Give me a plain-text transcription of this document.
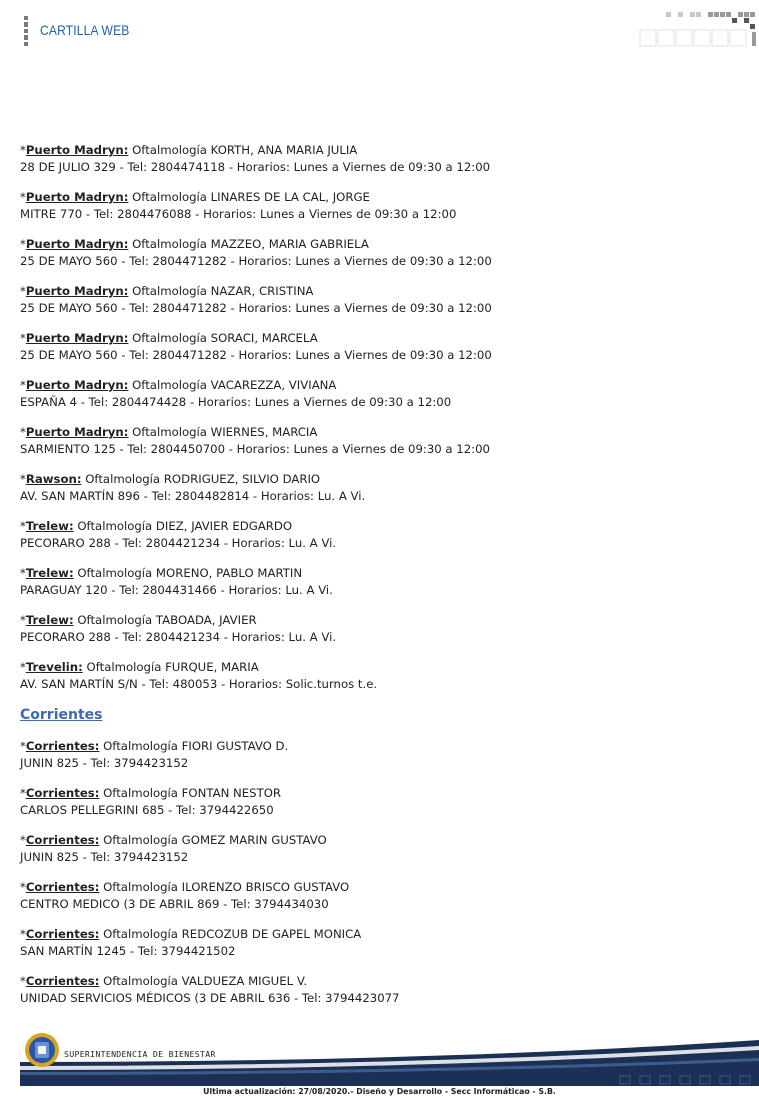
CARTILLA WEB
*Puerto Madryn: Oftalmología KORTH, ANA MARIA JULIA
28 DE JULIO 329 - Tel: 2804474118 - Horarios: Lunes a Viernes de 09:30 a 12:00
*Puerto Madryn: Oftalmología LINARES DE LA CAL, JORGE
MITRE 770 - Tel: 2804476088 - Horarios: Lunes a Viernes de 09:30 a 12:00
*Puerto Madryn: Oftalmología MAZZEO, MARIA GABRIELA
25 DE MAYO 560 - Tel: 2804471282 - Horarios: Lunes a Viernes de 09:30 a 12:00
*Puerto Madryn: Oftalmología NAZAR, CRISTINA
25 DE MAYO 560 - Tel: 2804471282 - Horarios: Lunes a Viernes de 09:30 a 12:00
*Puerto Madryn: Oftalmología SORACI, MARCELA
25 DE MAYO 560 - Tel: 2804471282 - Horarios: Lunes a Viernes de 09:30 a 12:00
*Puerto Madryn: Oftalmología VACAREZZA, VIVIANA
ESPAÑA 4 - Tel: 2804474428 - Horarios: Lunes a Viernes de 09:30 a 12:00
*Puerto Madryn: Oftalmología WIERNES, MARCIA
SARMIENTO 125 - Tel: 2804450700 - Horarios: Lunes a Viernes de 09:30 a 12:00
*Rawson: Oftalmología RODRIGUEZ, SILVIO DARIO
AV. SAN MARTÍN 896 - Tel: 2804482814 - Horarios: Lu. A Vi.
*Trelew: Oftalmología DIEZ, JAVIER EDGARDO
PECORARO 288 - Tel: 2804421234 - Horarios: Lu. A Vi.
*Trelew: Oftalmología MORENO, PABLO MARTIN
PARAGUAY 120 - Tel: 2804431466 - Horarios: Lu. A Vi.
*Trelew: Oftalmología TABOADA, JAVIER
PECORARO 288 - Tel: 2804421234 - Horarios: Lu. A Vi.
*Trevelin: Oftalmología FURQUE, MARIA
AV. SAN MARTÍN S/N - Tel: 480053 - Horarios: Solic.turnos t.e.
Corrientes
*Corrientes: Oftalmología FIORI GUSTAVO D.
JUNIN 825 - Tel: 3794423152
*Corrientes: Oftalmología FONTAN NESTOR
CARLOS PELLEGRINI 685 - Tel: 3794422650
*Corrientes: Oftalmología GOMEZ MARIN GUSTAVO
JUNIN 825 - Tel: 3794423152
*Corrientes: Oftalmología ILORENZO BRISCO GUSTAVO
CENTRO MEDICO (3 DE ABRIL 869 - Tel: 3794434030
*Corrientes: Oftalmología REDCOZUB DE GAPEL MONICA
SAN MARTÍN 1245 - Tel: 3794421502
*Corrientes: Oftalmología VALDUEZA MIGUEL V.
UNIDAD SERVICIOS MÉDICOS (3 DE ABRIL 636 - Tel: 3794423077
SUPERINTENDENCIA DE BIENESTAR
Ultima actualización: 27/08/2020.- Diseño y Desarrollo - Secc Informáticao - S.B.
